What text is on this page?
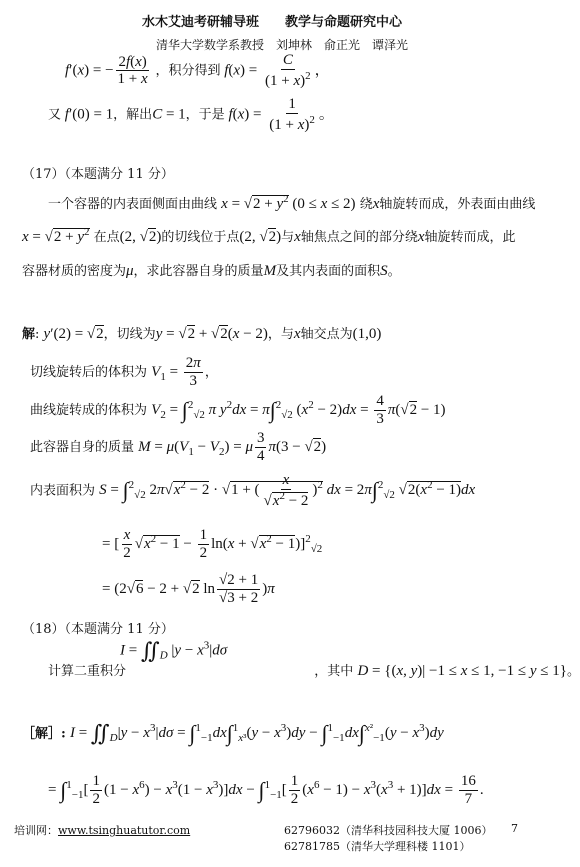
水木艾迪考研辅导班　　教学与命题研究中心
清华大学数学系教授　刘坤林　俞正光　谭泽光
f′(x) = − $\frac{2f(x)}{1 + x}$ ，积分得到 $f(x) = \frac{C}{(1 + x)^2}$ ，
又 f′(0) = 1，解出C = 1，于是 $f(x) = \frac{1}{(1 + x)^2}$ 。
（17）（本题满分 11 分）
一个容器的内表面侧面由曲线 $x = √2 + y^2$ (0 ≤ x ≤ 2) 绕x轴旋转而成，外表面由曲线
$x = √2 + y^2$ 在点(2, √2)的切线位于点(2, √2)与x轴焦点之间的部分绕x轴旋转而成，此
容器材质的密度为μ，求此容器自身的质量M及其内表面的面积S。
解: y′(2) = √2，切线为y = √2 + √2(x − 2)，与x轴交点为(1,0)
切线旋转后的体积为 $V_1 = \frac{2\pi}{3}$ ，
曲线旋转成的体积为 $V_2 = \int^2_{√2}$ π $y^2dx = \pi\int^2_{√2}$ $(x^2 - 2)dx = \frac{4}{3} \pi(√2 - 1)$
此容器自身的质量 $M = \mu(V_1 - V_2) = \mu \frac{3}{4} \pi(3 - √2)$
内表面积为 S = ∫$^2_{√2}$ $2\pi√x^2 - 2 \cdot √1$ + ( $\frac{x}{√x^2 - 2} )^2$ dx = 2π∫$^2_{√2}$ $√2(x^2 - 1)dx$
= [ $\frac{x}{2} √x^2 - 1 - \frac{1}{2} \ln(x + √x^2 - 1)]^2_{√2}$
= (2√6 − 2 + √2 $\ln \frac{√2 + 1}{√3 + 2} )\pi$
（18）（本题满分 11 分）
$I = ∬_D$ $|y - x^3|d\sigma$
计算二重积分	，其中 D = {(x, y)| −1 ≤ x ≤ 1, −1 ≤ y ≤ 1}。
［解］: $I = ∬_D|y - x^3|d\sigma = \int^1_{-1}dx\int^1_{x^3}(y - x^3)dy - \int^1_{-1}dx\int^{x^2}_{-1}(y - x^3)dy$
= $\int^1_{-1}[ \frac{1}{2} (1 - x^6) - x^3(1 - x^3)]dx - \int^1_{-1}[ \frac{1}{2} (x^6 - 1) - x^3(x^3 + 1)]dx = \frac{16}{7}$ .
培训网：www.tsinghuatutor.com	62796032（清华科技园科技大厦 1006）
62781785（清华大学理科楼 1101）
7
